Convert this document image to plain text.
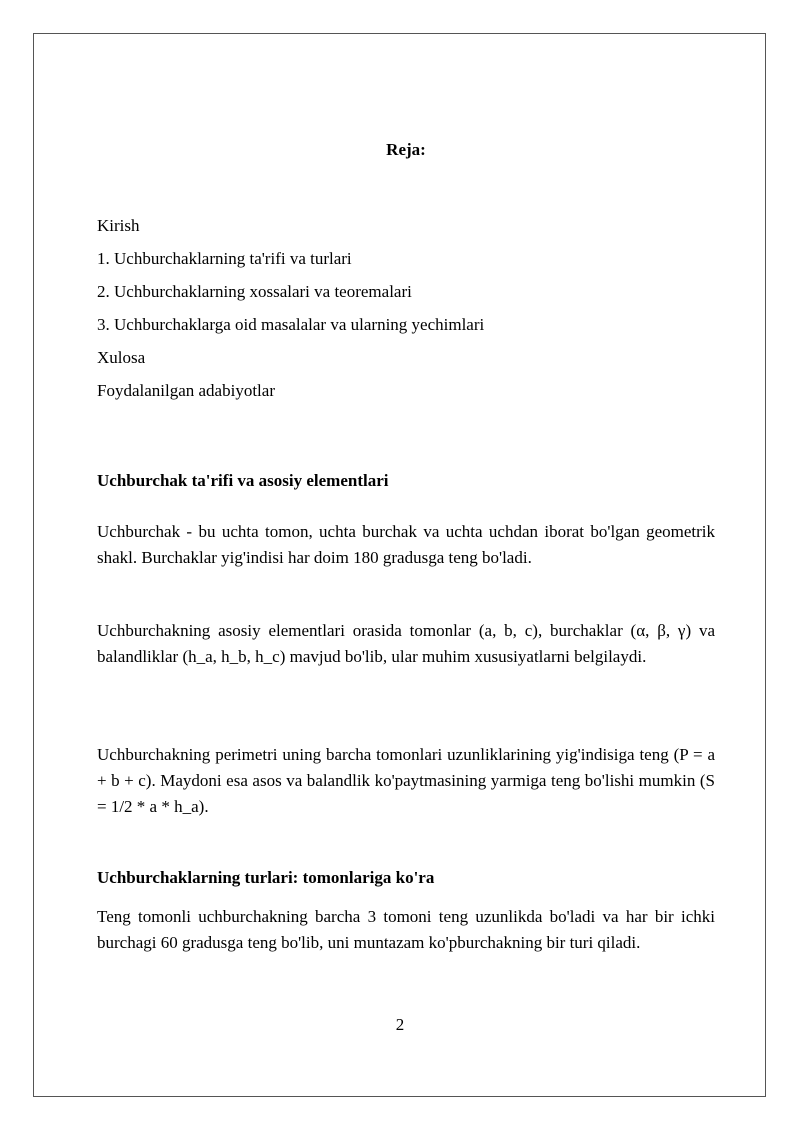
Reja:
Kirish
1. Uchburchaklarning ta'rifi va turlari
2. Uchburchaklarning xossalari va teoremalari
3. Uchburchaklarga oid masalalar va ularning yechimlari
Xulosa
Foydalanilgan adabiyotlar
Uchburchak ta'rifi va asosiy elementlari

Uchburchak - bu uchta tomon, uchta burchak va uchta uchdan iborat bo'lgan geometrik shakl. Burchaklar yig'indisi har doim 180 gradusga teng bo'ladi.

Uchburchakning asosiy elementlari orasida tomonlar (a, b, c), burchaklar (α, β, γ) va balandliklar (h_a, h_b, h_c) mavjud bo'lib, ular muhim xususiyatlarni belgilaydi.

Uchburchakning perimetri uning barcha tomonlari uzunliklarining yig'indisiga teng (P = a + b + c). Maydoni esa asos va balandlik ko'paytmasining yarmiga teng bo'lishi mumkin (S = 1/2 * a * h_a).

Uchburchaklarning turlari: tomonlariga ko'ra

Teng tomonli uchburchakning barcha 3 tomoni teng uzunlikda bo'ladi va har bir ichki burchagi 60 gradusga teng bo'lib, uni muntazam ko'pburchakning bir turi qiladi.

2
